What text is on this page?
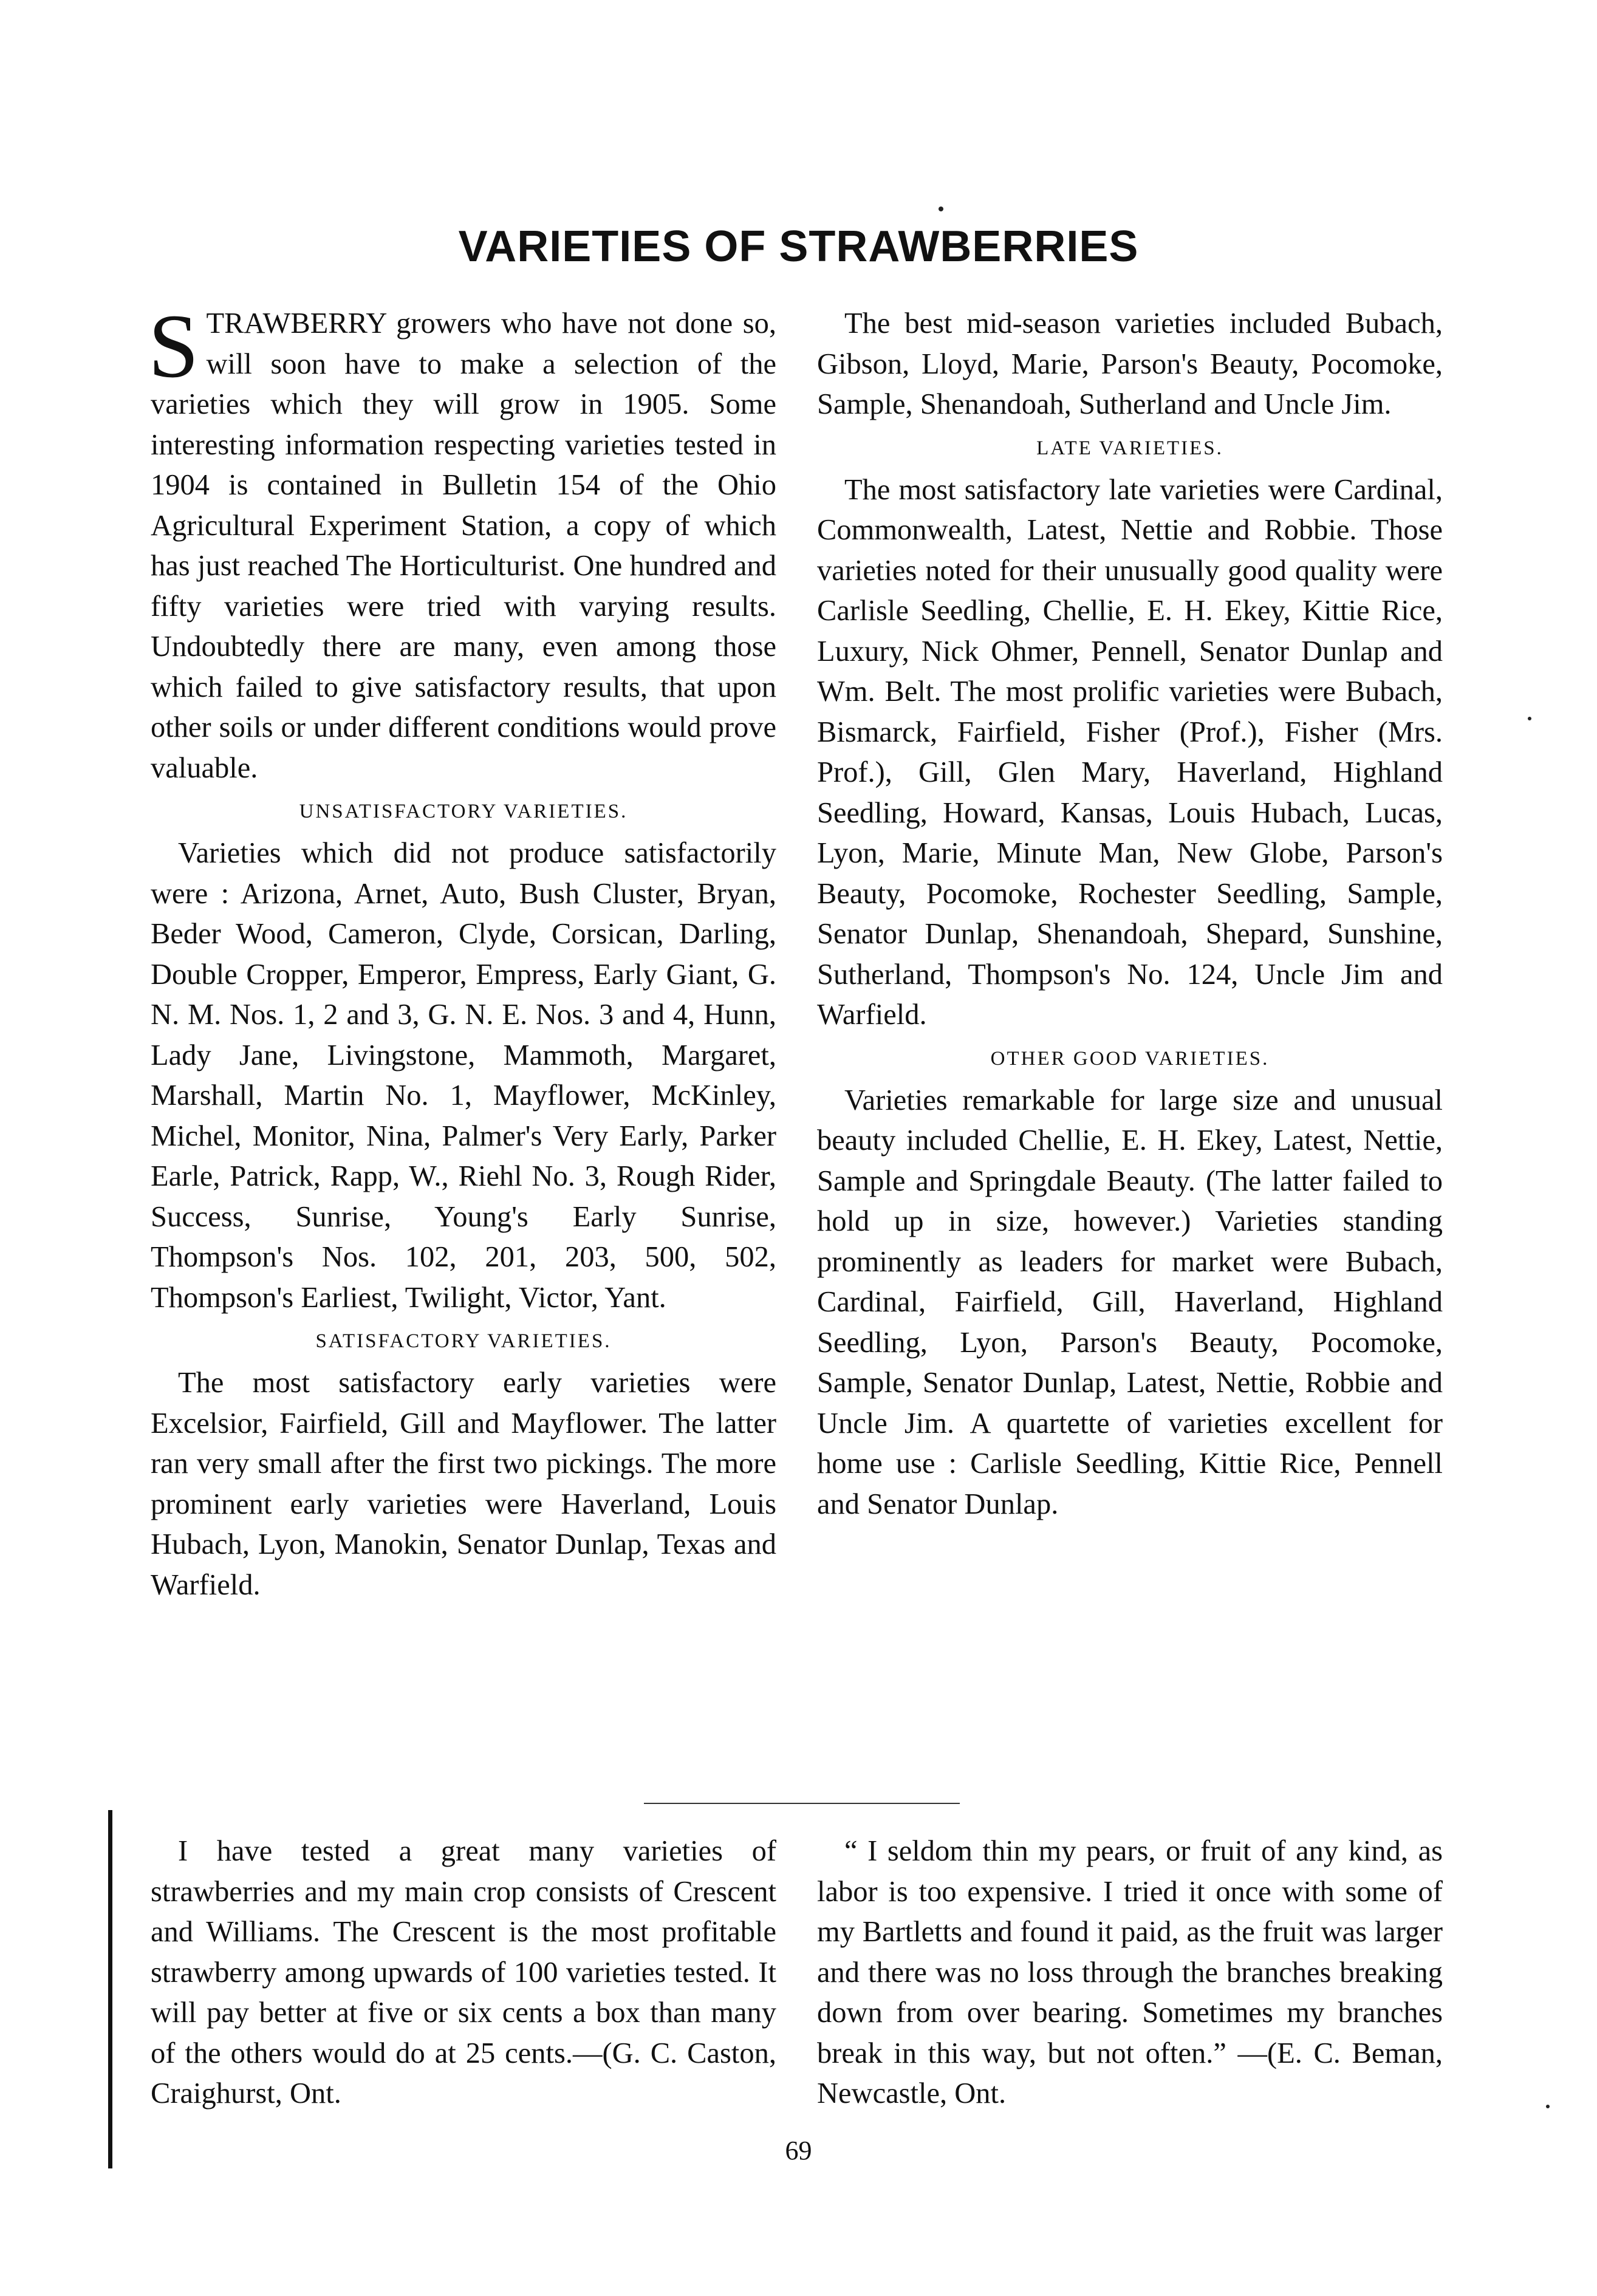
VARIETIES OF STRAWBERRIES

S TRAWBERRY growers who have not done so, will soon have to make a selection of the varieties which they will grow in 1905. Some interesting information respecting varieties tested in 1904 is contained in Bulletin 154 of the Ohio Agricultural Experiment Station, a copy of which has just reached The Horticulturist. One hundred and fifty varieties were tried with varying results. Undoubtedly there are many, even among those which failed to give satisfactory results, that upon other soils or under different conditions would prove valuable.

UNSATISFACTORY VARIETIES.

Varieties which did not produce satisfactorily were : Arizona, Arnet, Auto, Bush Cluster, Bryan, Beder Wood, Cameron, Clyde, Corsican, Darling, Double Cropper, Emperor, Empress, Early Giant, G. N. M. Nos. 1, 2 and 3, G. N. E. Nos. 3 and 4, Hunn, Lady Jane, Livingstone, Mammoth, Margaret, Marshall, Martin No. 1, Mayflower, McKinley, Michel, Monitor, Nina, Palmer's Very Early, Parker Earle, Patrick, Rapp, W., Riehl No. 3, Rough Rider, Success, Sunrise, Young's Early Sunrise, Thompson's Nos. 102, 201, 203, 500, 502, Thompson's Earliest, Twilight, Victor, Yant.

SATISFACTORY VARIETIES.

The most satisfactory early varieties were Excelsior, Fairfield, Gill and Mayflower. The latter ran very small after the first two pickings. The more prominent early varieties were Haverland, Louis Hubach, Lyon, Manokin, Senator Dunlap, Texas and Warfield.

The best mid-season varieties included Bubach, Gibson, Lloyd, Marie, Parson's Beauty, Pocomoke, Sample, Shenandoah, Sutherland and Uncle Jim.

LATE VARIETIES.

The most satisfactory late varieties were Cardinal, Commonwealth, Latest, Nettie and Robbie. Those varieties noted for their unusually good quality were Carlisle Seedling, Chellie, E. H. Ekey, Kittie Rice, Luxury, Nick Ohmer, Pennell, Senator Dunlap and Wm. Belt. The most prolific varieties were Bubach, Bismarck, Fairfield, Fisher (Prof.), Fisher (Mrs. Prof.), Gill, Glen Mary, Haverland, Highland Seedling, Howard, Kansas, Louis Hubach, Lucas, Lyon, Marie, Minute Man, New Globe, Parson's Beauty, Pocomoke, Rochester Seedling, Sample, Senator Dunlap, Shenandoah, Shepard, Sunshine, Sutherland, Thompson's No. 124, Uncle Jim and Warfield.

OTHER GOOD VARIETIES.

Varieties remarkable for large size and unusual beauty included Chellie, E. H. Ekey, Latest, Nettie, Sample and Springdale Beauty. (The latter failed to hold up in size, however.) Varieties standing prominently as leaders for market were Bubach, Cardinal, Fairfield, Gill, Haverland, Highland Seedling, Lyon, Parson's Beauty, Pocomoke, Sample, Senator Dunlap, Latest, Nettie, Robbie and Uncle Jim. A quartette of varieties excellent for home use : Carlisle Seedling, Kittie Rice, Pennell and Senator Dunlap.

I have tested a great many varieties of strawberries and my main crop consists of Crescent and Williams. The Crescent is the most profitable strawberry among upwards of 100 varieties tested. It will pay better at five or six cents a box than many of the others would do at 25 cents.—(G. C. Caston, Craighurst, Ont.

“ I seldom thin my pears, or fruit of any kind, as labor is too expensive. I tried it once with some of my Bartletts and found it paid, as the fruit was larger and there was no loss through the branches breaking down from over bearing. Sometimes my branches break in this way, but not often.” —(E. C. Beman, Newcastle, Ont.

69
